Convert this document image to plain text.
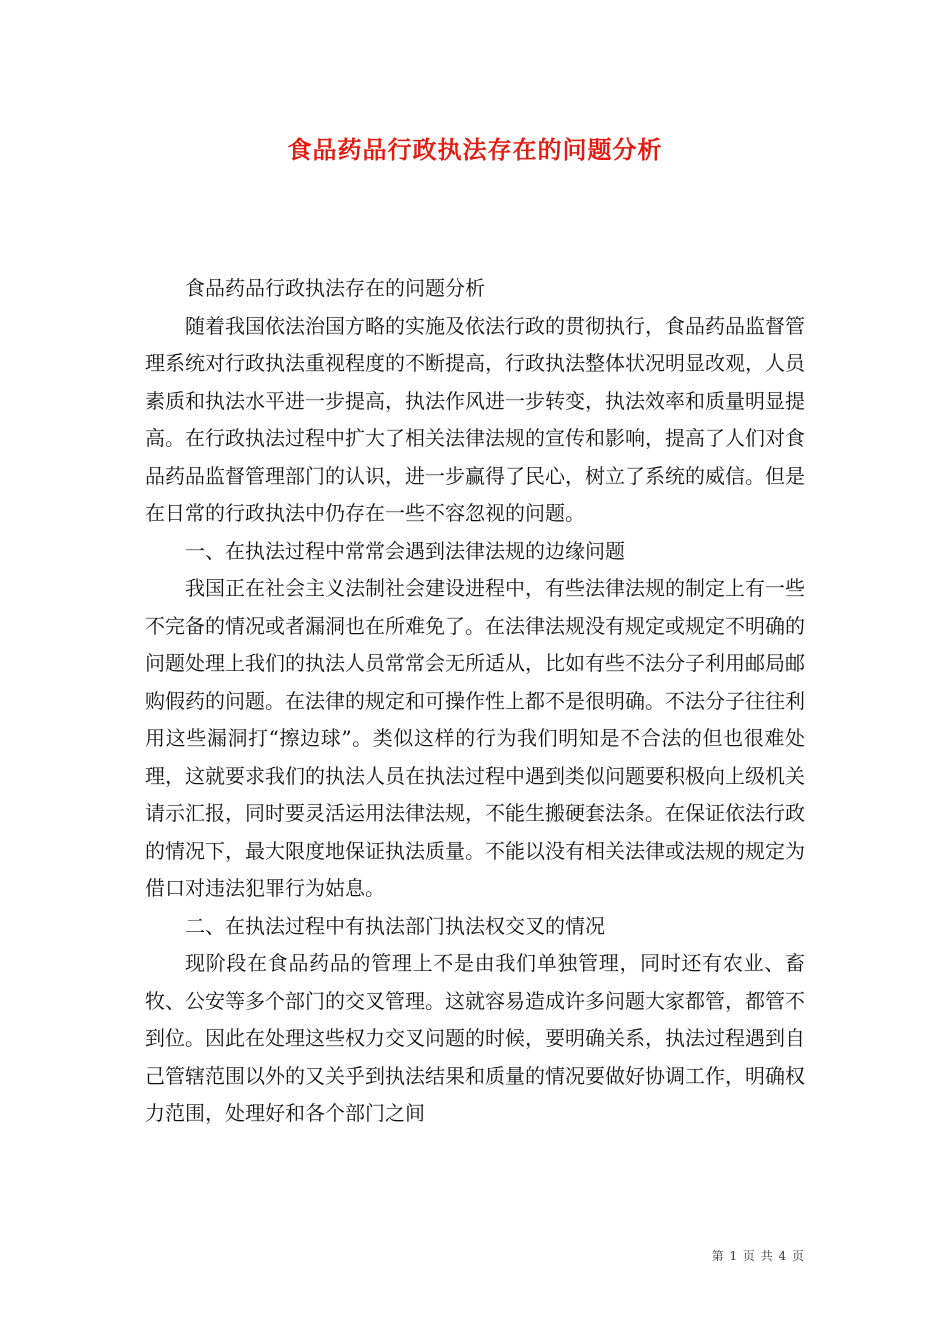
食品药品行政执法存在的问题分析

食品药品行政执法存在的问题分析

随着我国依法治国方略的实施及依法行政的贯彻执行，食品药品监督管理系统对行政执法重视程度的不断提高，行政执法整体状况明显改观，人员素质和执法水平进一步提高，执法作风进一步转变，执法效率和质量明显提高。在行政执法过程中扩大了相关法律法规的宣传和影响，提高了人们对食品药品监督管理部门的认识，进一步赢得了民心，树立了系统的威信。但是在日常的行政执法中仍存在一些不容忽视的问题。

一、在执法过程中常常会遇到法律法规的边缘问题

我国正在社会主义法制社会建设进程中，有些法律法规的制定上有一些不完备的情况或者漏洞也在所难免了。在法律法规没有规定或规定不明确的问题处理上我们的执法人员常常会无所适从，比如有些不法分子利用邮局邮购假药的问题。在法律的规定和可操作性上都不是很明确。不法分子往往利用这些漏洞打“擦边球”。类似这样的行为我们明知是不合法的但也很难处理，这就要求我们的执法人员在执法过程中遇到类似问题要积极向上级机关请示汇报，同时要灵活运用法律法规，不能生搬硬套法条。在保证依法行政的情况下，最大限度地保证执法质量。不能以没有相关法律或法规的规定为借口对违法犯罪行为姑息。

二、在执法过程中有执法部门执法权交叉的情况

现阶段在食品药品的管理上不是由我们单独管理，同时还有农业、畜牧、公安等多个部门的交叉管理。这就容易造成许多问题大家都管，都管不到位。因此在处理这些权力交叉问题的时候，要明确关系，执法过程遇到自己管辖范围以外的又关乎到执法结果和质量的情况要做好协调工作，明确权力范围，处理好和各个部门之间

第 1 页 共 4 页
